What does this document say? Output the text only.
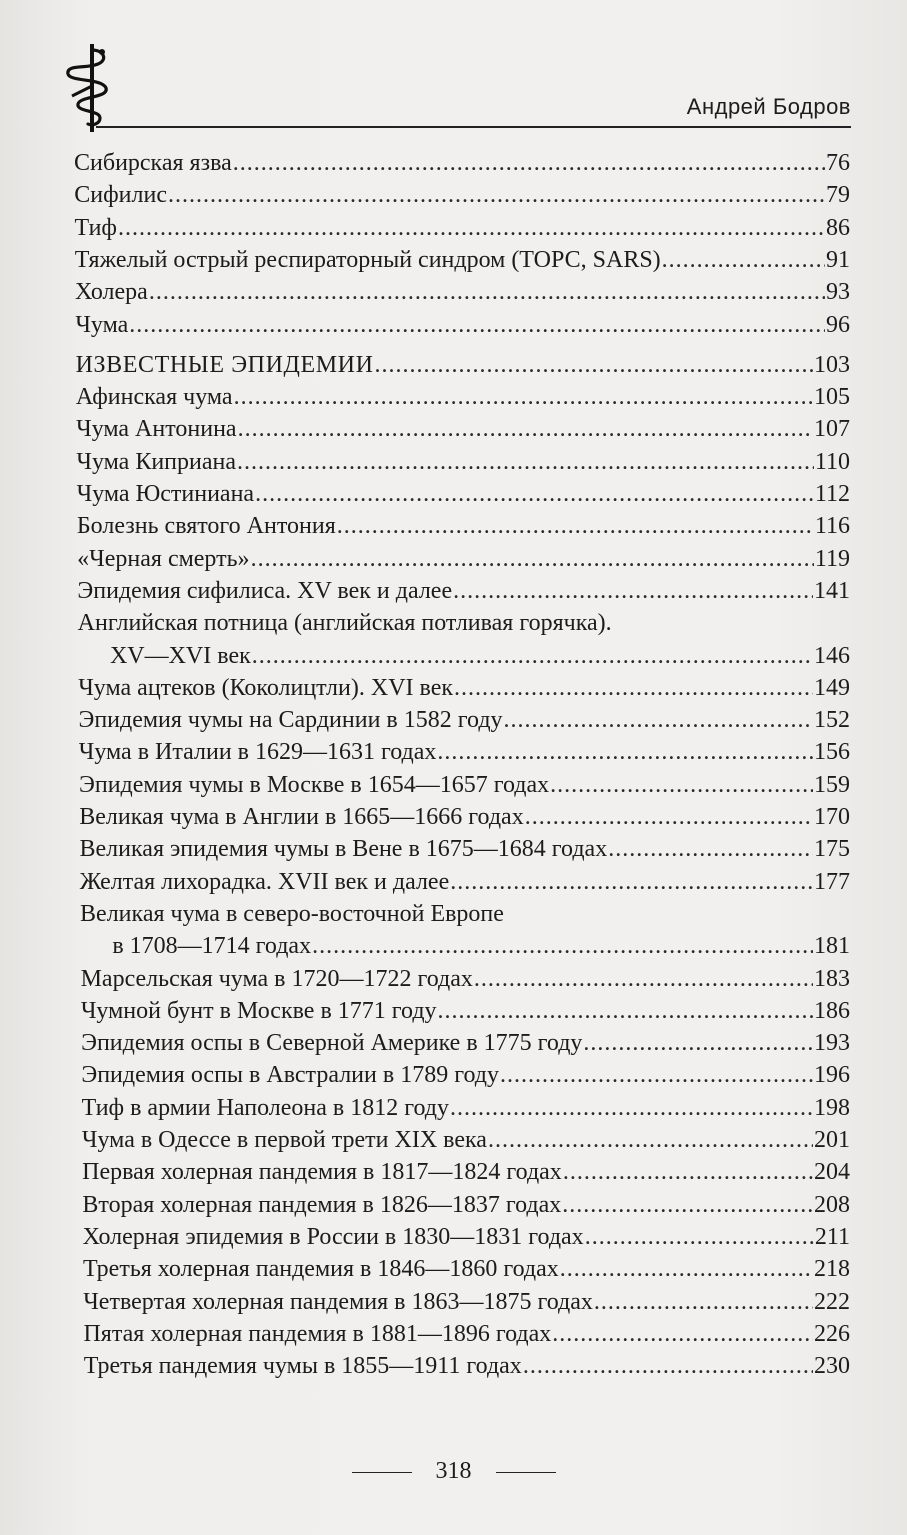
Андрей Бодров
Сибирская язва .....	76
Сифилис .....	79
Тиф .....	86
Тяжелый острый респираторный синдром (ТОРС, SARS) .....	91
Холера .....	93
Чума .....	96
ИЗВЕСТНЫЕ ЭПИДЕМИИ .....	103
Афинская чума .....	105
Чума Антонина .....	107
Чума Киприана .....	110
Чума Юстиниана .....	112
Болезнь святого Антония .....	116
«Черная смерть» .....	119
Эпидемия сифилиса. XV век и далее .....	141
Английская потница (английская потливая горячка).
XV—XVI век .....	146
Чума ацтеков (Коколицтли). XVI век .....	149
Эпидемия чумы на Сардинии в 1582 году .....	152
Чума в Италии в 1629—1631 годах .....	156
Эпидемия чумы в Москве в 1654—1657 годах .....	159
Великая чума в Англии в 1665—1666 годах .....	170
Великая эпидемия чумы в Вене в 1675—1684 годах .....	175
Желтая лихорадка. XVII век и далее .....	177
Великая чума в северо-восточной Европе
в 1708—1714 годах .....	181
Марсельская чума в 1720—1722 годах .....	183
Чумной бунт в Москве в 1771 году .....	186
Эпидемия оспы в Северной Америке в 1775 году .....	193
Эпидемия оспы в Австралии в 1789 году .....	196
Тиф в армии Наполеона в 1812 году .....	198
Чума в Одессе в первой трети XIX века .....	201
Первая холерная пандемия в 1817—1824 годах .....	204
Вторая холерная пандемия в 1826—1837 годах .....	208
Холерная эпидемия в России в 1830—1831 годах .....	211
Третья холерная пандемия в 1846—1860 годах .....	218
Четвертая холерная пандемия в 1863—1875 годах .....	222
Пятая холерная пандемия в 1881—1896 годах .....	226
Третья пандемия чумы в 1855—1911 годах .....	230
318
